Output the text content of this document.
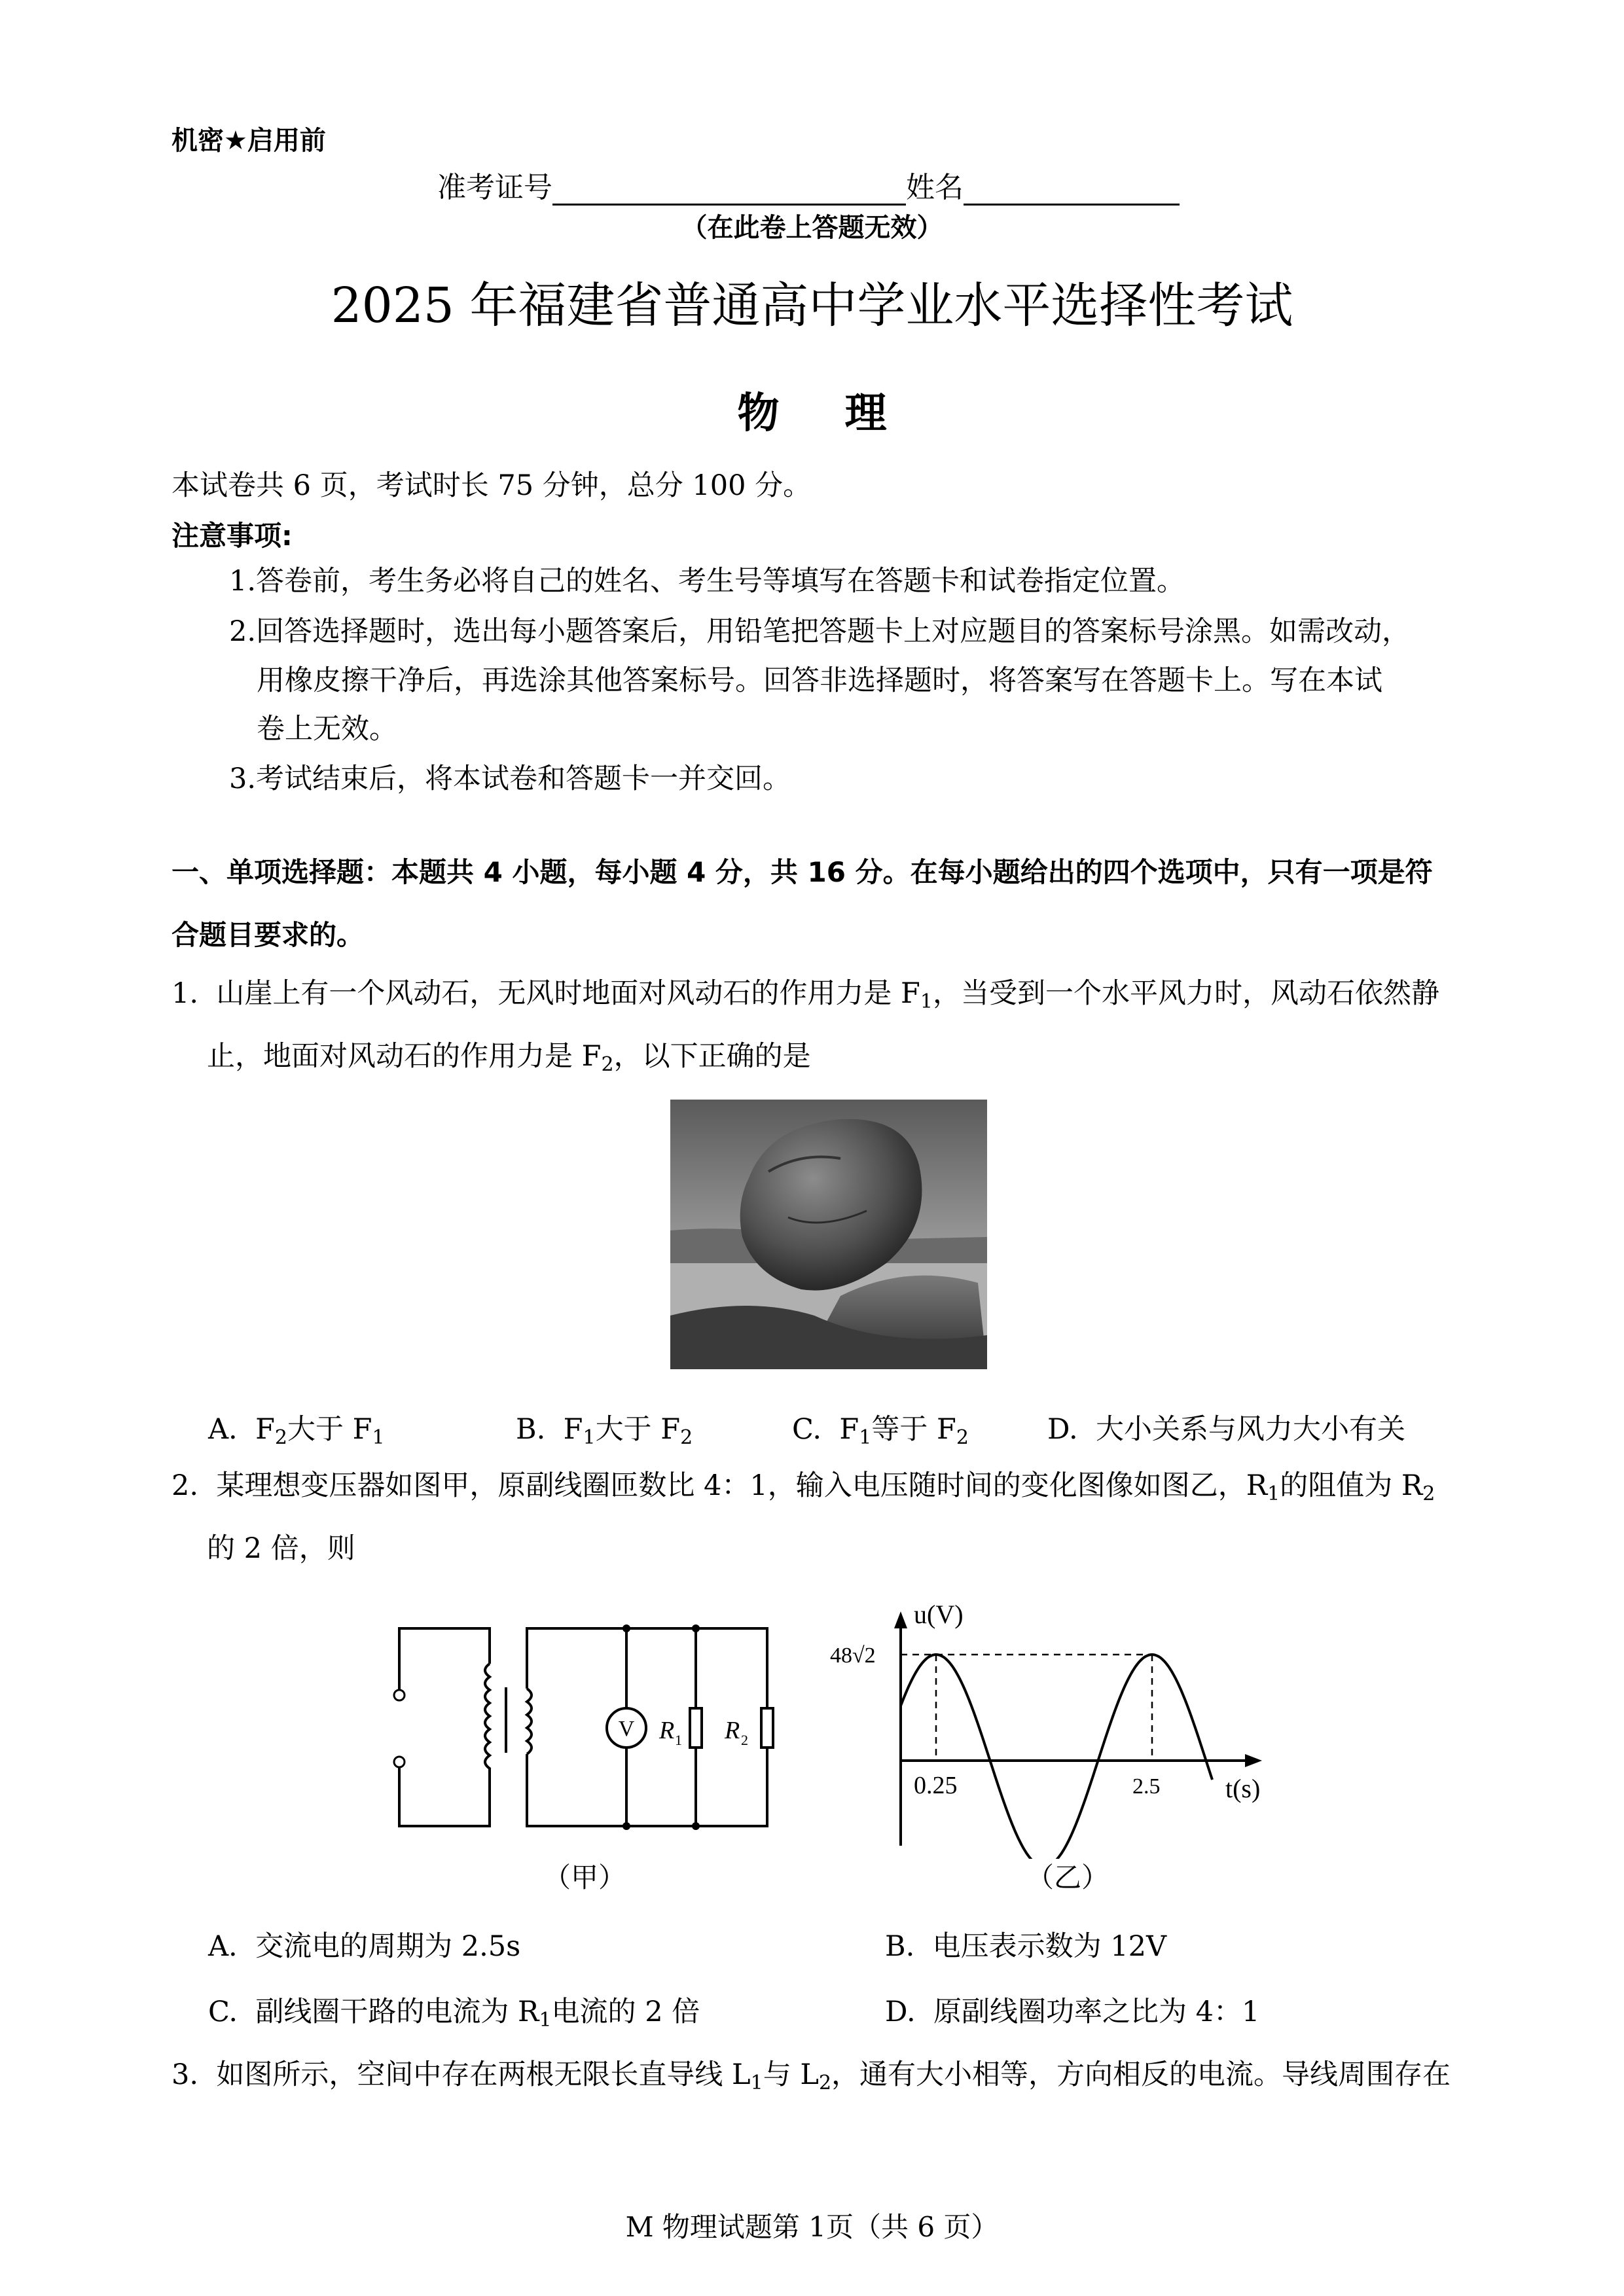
机密★启用前
准考证号	姓名
（在此卷上答题无效）
2025 年福建省普通高中学业水平选择性考试
物理
本试卷共 6 页，考试时长 75 分钟，总分 100 分。
注意事项:
1.答卷前，考生务必将自己的姓名、考生号等填写在答题卡和试卷指定位置。
2.回答选择题时，选出每小题答案后，用铅笔把答题卡上对应题目的答案标号涂黑。如需改动，
用橡皮擦干净后，再选涂其他答案标号。回答非选择题时，将答案写在答题卡上。写在本试
卷上无效。
3.考试结束后，将本试卷和答题卡一并交回。
一、单项选择题：本题共 4 小题，每小题 4 分，共 16 分。在每小题给出的四个选项中，只有一项是符
合题目要求的。
1. 山崖上有一个风动石，无风时地面对风动石的作用力是 $F_1$，当受到一个水平风力时，风动石依然静
止，地面对风动石的作用力是 $F_2$，以下正确的是
A. $F_2$大于 $F_1$	B. $F_1$大于 $F_2$	C. $F_1$等于 $F_2$	D. 大小关系与风力大小有关
2. 某理想变压器如图甲，原副线圈匝数比 4：1，输入电压随时间的变化图像如图乙，$R_1$的阻值为 $R_2$
的 2 倍，则
V R 1 R 2
（甲）
u(V)
48√2
0.25	2.5 t(s)
（乙）
A. 交流电的周期为 2.5s	B. 电压表示数为 12V
C. 副线圈干路的电流为 $R_1$电流的 2 倍	D. 原副线圈功率之比为 4：1
3. 如图所示，空间中存在两根无限长直导线 $L_1$与 $L_2$，通有大小相等，方向相反的电流。导线周围存在
M 物理试题第 1页（共 6 页）
